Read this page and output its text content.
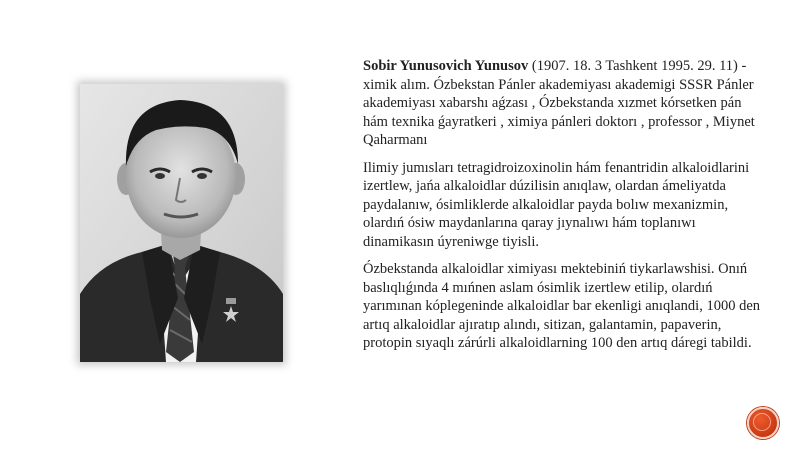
Sobir Yunusovich Yunusov (1907. 18. 3 Tashkent 1995. 29. 11) - ximik alım. Ózbekstan Pánler akademiyası akademigi SSSR Pánler akademiyası xabarshı aǵzası , Ózbekstanda xızmet kórsetken pán hám texnika ǵayratkeri , ximiya pánleri doktorı , professor , Miynet Qaharmanı

Ilimiy jumısları tetragidroizoxinolin hám fenantridin alkaloidlarini izertlew, jańa alkaloidlar dúzilisin anıqlaw, olardan ámeliyatda paydalanıw, ósimliklerde alkaloidlar payda bolıw mexanizmin, olardıń ósiw maydanlarına qaray jıynalıwı hám toplanıwı dinamikasın úyreniwge tiyisli.

Ózbekstanda alkaloidlar ximiyası mektebiniń tiykarlawshisi. Onıń baslıqlıǵında 4 mıńnen aslam ósimlik izertlew etilip, olardıń yarımınan kóplegeninde alkaloidlar bar ekenligi anıqlandi, 1000 den artıq alkaloidlar ajıratıp alındı, sitizan, galantamin, papaverin, protopin sıyaqlı zárúrli alkaloidlarning 100 den artıq dáregi tabildi.
